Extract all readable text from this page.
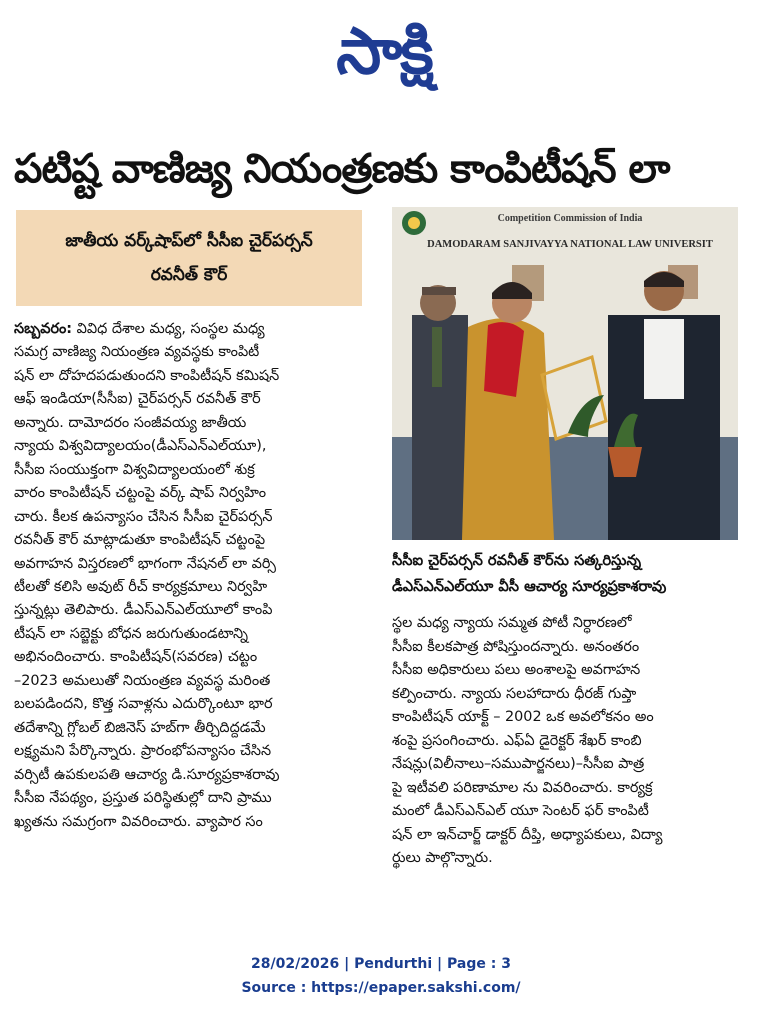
సాక్షి
పటిష్ట వాణిజ్య నియంత్రణకు కాంపిటీషన్ లా
జాతీయ వర్క్‌షాప్‌లో సీసీఐ చైర్‌పర్సన్
రవనీత్ కౌర్
సబ్బవరం: వివిధ దేశాల మధ్య, సంస్థల మధ్య
సమగ్ర వాణిజ్య నియంత్రణ వ్యవస్థకు కాంపిటీ
షన్ లా దోహదపడుతుందని కాంపిటీషన్ కమిషన్
ఆఫ్ ఇండియా(సీసీఐ) చైర్‌పర్సన్ రవనీత్ కౌర్
అన్నారు. దామోదరం సంజీవయ్య జాతీయ
న్యాయ విశ్వవిద్యాలయం(డీఎస్ఎన్ఎల్‌యూ),
సీసీఐ సంయుక్తంగా విశ్వవిద్యాలయంలో శుక్ర
వారం కాంపిటీషన్ చట్టంపై వర్క్ షాప్ నిర్వహిం
చారు. కీలక ఉపన్యాసం చేసిన సీసీఐ చైర్‌పర్సన్
రవనీత్ కౌర్ మాట్లాడుతూ కాంపిటీషన్ చట్టంపై
అవగాహన విస్తరణలో భాగంగా నేషనల్ లా వర్సి
టీలతో కలిసి అవుట్ రీచ్ కార్యక్రమాలు నిర్వహి
స్తున్నట్లు తెలిపారు. డీఎస్ఎన్ఎల్‌యూలో కాంపి
టీషన్ లా సబ్జెక్టు బోధన జరుగుతుండటాన్ని
అభినందించారు. కాంపిటీషన్(సవరణ) చట్టం
–2023 అమలుతో నియంత్రణ వ్యవస్థ మరింత
బలపడిందని, కొత్త సవాళ్లను ఎదుర్కొంటూ భార
తదేశాన్ని గ్లోబల్ బిజినెస్ హబ్‌గా తీర్చిదిద్దడమే
లక్ష్యమని పేర్కొన్నారు. ప్రారంభోపన్యాసం చేసిన
వర్సిటీ ఉపకులపతి ఆచార్య డి.సూర్యప్రకాశరావు
సీసీఐ నేపథ్యం, ప్రస్తుత పరిస్థితుల్లో దాని ప్రాము
ఖ్యతను సమగ్రంగా వివరించారు. వ్యాపార సం
Competition Commission of India
DAMODARAM SANJIVAYYA NATIONAL LAW UNIVERSIT
సీసీఐ చైర్‌పర్సన్ రవనీత్ కౌర్‌ను సత్కరిస్తున్న
డీఎస్ఎన్ఎల్‌యూ వీసీ ఆచార్య సూర్యప్రకాశరావు
స్థల మధ్య న్యాయ సమ్మత పోటీ నిర్ధారణలో
సీసీఐ కీలకపాత్ర పోషిస్తుందన్నారు. అనంతరం
సీసీఐ అధికారులు పలు అంశాలపై అవగాహన
కల్పించారు. న్యాయ సలహాదారు ధీరజ్ గుప్తా
కాంపిటీషన్ యాక్ట్ – 2002 ఒక అవలోకనం అం
శంపై ప్రసంగించారు. ఎఫ్ఏ డైరెక్టర్ శేఖర్ కాంబి
నేషన్లు(విలీనాలు–సముపార్జనలు)–సీసీఐ పాత్ర
పై ఇటీవలి పరిణామాల ను వివరించారు. కార్యక్ర
మంలో డీఎస్ఎన్ఎల్ యూ సెంటర్ ఫర్ కాంపిటీ
షన్ లా ఇన్‌చార్జ్ డాక్టర్ దీప్తి, అధ్యాపకులు, విద్యా
ర్థులు పాల్గొన్నారు.
28/02/2026 | Pendurthi | Page : 3
Source : https://epaper.sakshi.com/
